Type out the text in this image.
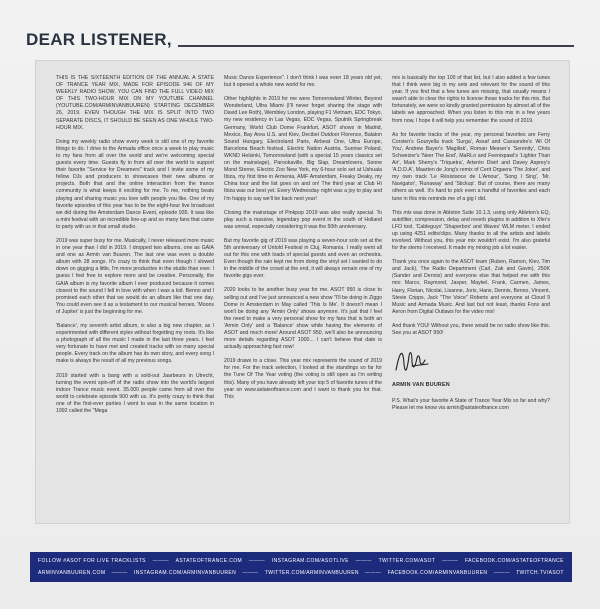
DEAR LISTENER,

THIS IS THE SIXTEENTH EDITION OF THE ANNUAL A STATE OF TRANCE YEAR MIX, MADE FOR EPISODE 946 OF MY WEEKLY RADIO SHOW. YOU CAN FIND THE FULL VIDEO MIX OF THIS TWO-HOUR MIX ON MY YOUTUBE CHANNEL (YOUTUBE.COM/ARMINVANBUUREN) STARTING DECEMBER 26, 2019. EVEN THOUGH THE MIX IS SPLIT INTO TWO SEPARATE DISCS, IT SHOULD BE SEEN AS ONE WHOLE TWO-HOUR MIX.

Doing my weekly radio show every week is still one of my favorite things to do. I drive to the Armada office once a week to play music to my fans from all over the world and we're welcoming special guests every time. Guests fly in from all over the world to support their favorite "Service for Dreamers" track and I invite some of my fellow DJs and producers to showcases their new albums or projects. Both that and the online interaction from the trance community is what keeps it exciting for me. To me, nothing beats playing and sharing music you love with people you like. One of my favorite episodes of this year has to be the eight-hour live broadcast we did during the Amsterdam Dance Event, episode 935. It was like a mini festival with an incredible line-up and so many fans that came to party with us in that small studio.

2019 was super busy for me. Musically, I never released more music in one year than I did in 2019. I dropped two albums, one as GAIA and one as Armin van Buuren. The last one was even a double album with 28 songs. It's crazy to think that even though I slowed down on gigging a little, I'm more productive in the studio than ever. I guess I feel free to explore more and be creative. Personally, the GAIA album is my favorite album I ever produced because it comes closest to the sound I fell in love with when I was a kid. Benno and I promised each other that we would do an album like that one day. You could even see it as a testament to our musical heroes. 'Moons of Jupiter' is just the beginning for me.

'Balance', my seventh artist album, is also a big new chapter, as I experimented with different styles without forgetting my roots. It's like a photograph of all the music I made in the last three years. I feel very fortunate to have met and created tracks with so many special people. Every track on the album has its own story, and every song I make is always the result of all my previous songs.

2019 started with a bang with a sold-out Jaarbeurs in Utrecht, turning the event spin-off of the radio show into the world's largest indoor Trance music event. 35.000 people came from all over the world to celebrate episode 900 with us. It's pretty crazy to think that one of the first-ever parties I went to was in the same location in 1992 called the "Mega

Music Dance Experience". I don't think I was even 18 years old yet, but it opened a whole new world for me.

Other highlights in 2019 for me were Tomorrowland Winter, Beyond Wonderland, Ultra Miami (I'll never forget sharing the stage with David Lee Roth), Wembley London, playing F1 Vietnam, EDC Tokyo, my new residency in Las Vegas, EDC Vegas, Sputnik Springbreak Germany, World Club Dome Frankfurt, ASOT shows in Madrid, Mexico, Bay Area U.S. and Kiev, Decibel Outdoor Florence, Balaton Sound Hungary, Electroland Paris, Airbeat One, Ultra Europe, Barcelona Beach festival, Electric Nation Austria, Sunrise Poland, WKND Helsinki, Tomorrowland (with a special 15 years classics set on the mainstage), Parookaville, Big Slap, Dreamlovers, Sonne Mond Sterne, Electric Zoo New York, my 6-hour solo set at Ushuaia Ibiza, my first time in Armenia, AMF Amsterdam, Freaky Deaky, my China tour and the list goes on and on! The third year at Club Hï Ibiza was our best yet. Every Wednesday night was a joy to play and I'm happy to say we'll be back next year!

Closing the mainstage of Pinkpop 2019 was also really special. To play such a massive, legendary pop event in the south of Holland was unreal, especially considering it was the 50th anniversary.

But my favorite gig of 2019 was playing a seven-hour solo set at the 5th anniversary of Untold Festival in Cluj, Romania. I really went all out for this one with loads of special guests and even an orchestra. Even though the rain kept me from doing the vinyl set I wanted to do in the middle of the crowd at the end, it will always remain one of my favorite gigs ever.

2020 looks to be another busy year for me. ASOT 950 is close to selling out and I've just announced a new show "I'll be doing in Ziggo Dome in Amsterdam in May called 'This Is Me'. It doesn't mean I won't be doing any 'Armin Only' shows anymore. It's just that I feel the need to make a very personal show for my fans that is both an 'Armin Only' and a 'Balance' show while having the elements of ASOT and much more! Around ASOT 950, we'll also be announcing more details regarding ASOT 1000... I can't believe that date is actually approaching fast now!

2019 draws to a close. This year mix represents the sound of 2019 for me. For the track selection, I looked at the standings so far for the Tune Of The Year voting (the voting is still open as I'm writing this). Many of you have already left your top 5 of favorite tunes of the year on www.astateoftrance.com and I want to thank you for that. This

mix is basically the top 100 of that list, but I also added a few tunes that I think were big in my sets and relevant for the sound of this year. If you find that a few tunes are missing, that usually means I wasn't able to clear the rights to license those tracks for this mix. But fortunately, we were so kindly granted permission by almost all of the labels we approached. When you listen to this mix in a few years from now, I hope it will help you remember the sound of 2019.

As for favorite tracks of the year, my personal favorites are Ferry Corsten's Gouryella track 'Surga', Assaf and Cassandre's 'All Of You', Andrew Bayer's 'Magilisk', Roman Messer's 'Serenity', Chris Schweizer's 'Neer The End', MaRLo and Feenixpawl's 'Lighter Than Air', Mark Sherry's 'Triquetra', Arteréo Divirl and Davey Asprey's 'A.D.D.A', Maarten de Jong's remix of Cerit Orgaera 'The Joker', and my own track 'Le Résistance de L'Amour', 'Song I Sing', 'Mr. Navigator', 'Runaway' and 'Stickup'. But of course, there are many others as well. It's hard to pick even a handful of favorites and each tune in this mix reminds me of a gig I did.

This mix was done in Ableton Suite 10.1.3, using only Ableton's EQ, autofilter, compression, delay and reverb plugins in addition to Xfer's LFO tool, 'Cableguys' 'Shaperbox' and Waves' WLM meter. I ended up using 4251 edits/clips. Many thanks to all the artists and labels involved. Without you, this year mix wouldn't exist. I'm also grateful for the stems I received. It made my mixing job a lot easier.

Thank you once again to the ASOT team (Ruben, Ramon, Kiev, Tim and Jack), The Radio Department (Carl, Zak and Gavin), 250K (Sander and Dennis) and everyone else that helped me with this mix: Marco, Raymond, Jasper, Maykel, Frank, Carmen, James, Harry, Florian, Nicolai, Lisanne, Joris, Hans, Dennis, Benno, Vincent, Stevie Cripps, Jack "The Voice" Roberts and everyone at Cloud 9 Music and Armada Music. And last but not least, thanks Fons and Aeron from Digital Outlaws for the video mix!

And thank YOU! Without you, there would be no radio show like this. See you at ASOT 950!

ARMIN VAN BUUREN

P.S. What's your favorite A State of Trance Year Mix so far and why? Please let me know via armin@astateoftrance.com

FOLLOW #ASOT FOR LIVE TRACKLISTS ——— ASTATEOFTRANCE.COM ——— INSTAGRAM.COM/ASOTLIVE ——— TWITTER.COM/ASOT ——— FACEBOOK.COM/ASTATEOFTRANCE
ARMINVANBUUREN.COM ——— INSTAGRAM.COM/ARMINVANBUUREN ——— TWITTER.COM/ARMINVANBUUREN ——— FACEBOOK.COM/ARMINVANBUUREN ——— TWITCH.TV/ASOT
